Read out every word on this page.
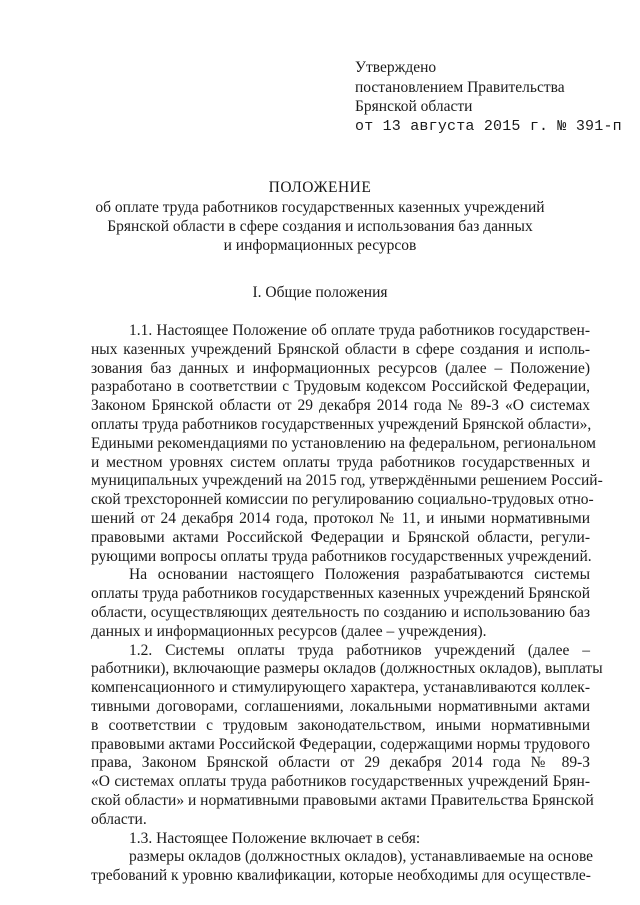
Утверждено
постановлением Правительства
Брянской области
от 13 августа 2015 г. № 391-п
ПОЛОЖЕНИЕ
об оплате труда работников государственных казенных учреждений
Брянской области в сфере создания и использования баз данных
и информационных ресурсов
I. Общие положения
1.1. Настоящее Положение об оплате труда работников государствен-
ных казенных учреждений Брянской области в сфере создания и исполь-
зования баз данных и информационных ресурсов (далее – Положение)
разработано в соответствии с Трудовым кодексом Российской Федерации,
Законом Брянской области от 29 декабря 2014 года № 89-З «О системах
оплаты труда работников государственных учреждений Брянской области»,
Едиными рекомендациями по установлению на федеральном, региональном
и местном уровнях систем оплаты труда работников государственных и
муниципальных учреждений на 2015 год, утверждёнными решением Россий-
ской трехсторонней комиссии по регулированию социально-трудовых отно-
шений от 24 декабря 2014 года, протокол № 11, и иными нормативными
правовыми актами Российской Федерации и Брянской области, регули-
рующими вопросы оплаты труда работников государственных учреждений.
На основании настоящего Положения разрабатываются системы
оплаты труда работников государственных казенных учреждений Брянской
области, осуществляющих деятельность по созданию и использованию баз
данных и информационных ресурсов (далее – учреждения).
1.2. Системы оплаты труда работников учреждений (далее –
работники), включающие размеры окладов (должностных окладов), выплаты
компенсационного и стимулирующего характера, устанавливаются коллек-
тивными договорами, соглашениями, локальными нормативными актами
в соответствии с трудовым законодательством, иными нормативными
правовыми актами Российской Федерации, содержащими нормы трудового
права, Законом Брянской области от 29 декабря 2014 года № 89-З
«О системах оплаты труда работников государственных учреждений Брян-
ской области» и нормативными правовыми актами Правительства Брянской
области.
1.3. Настоящее Положение включает в себя:
размеры окладов (должностных окладов), устанавливаемые на основе
требований к уровню квалификации, которые необходимы для осуществле-
